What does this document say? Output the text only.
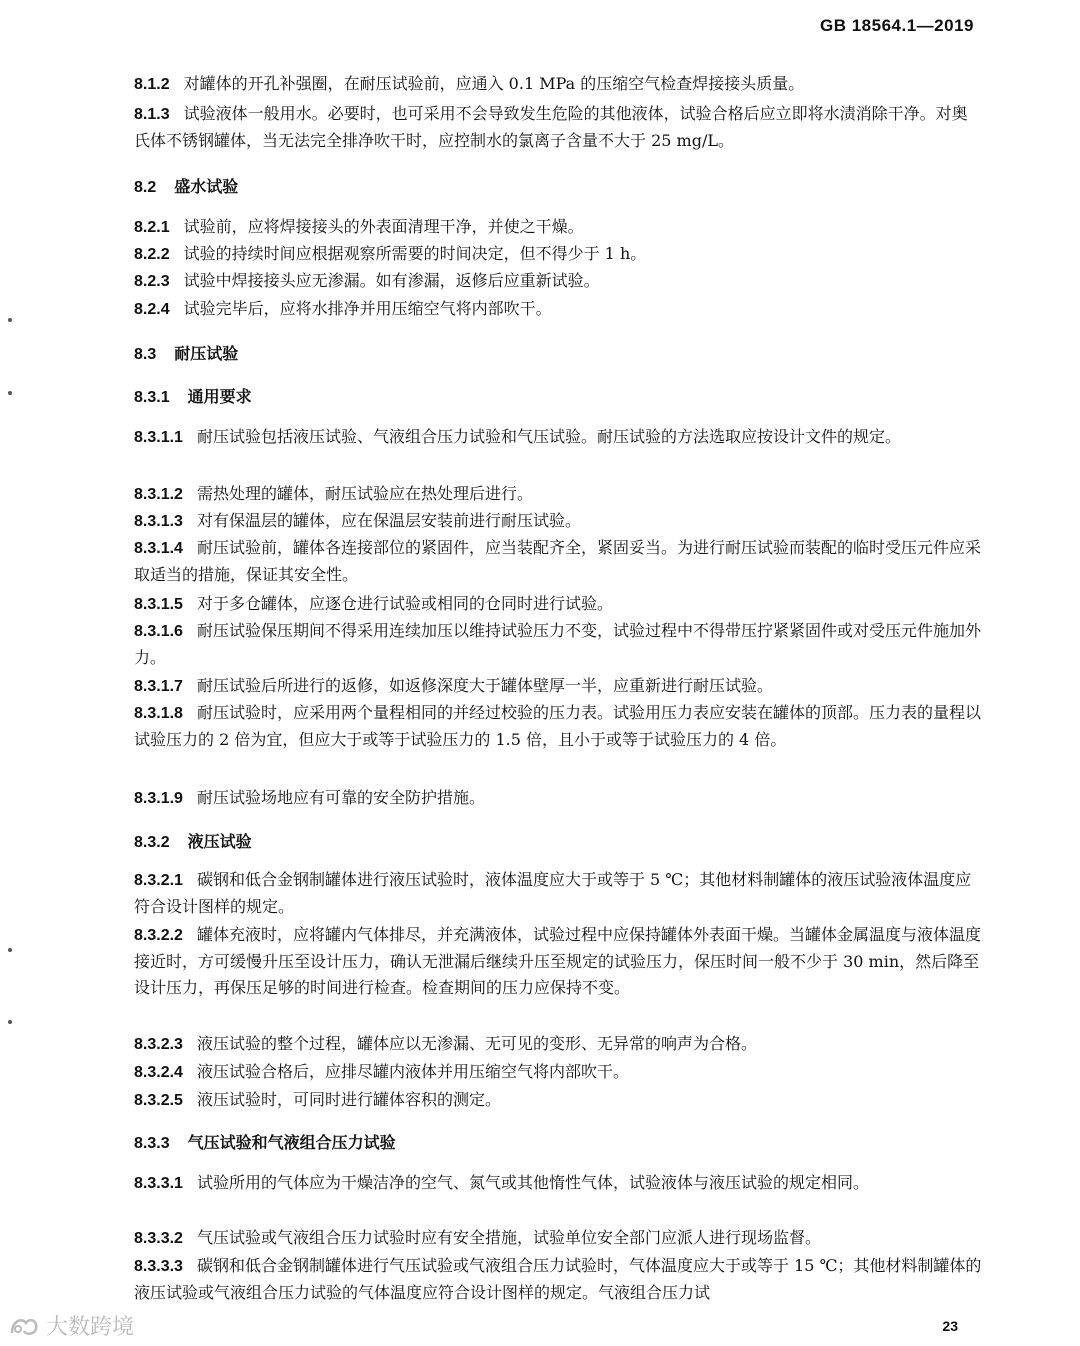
GB 18564.1—2019
8.1.2 对罐体的开孔补强圈，在耐压试验前，应通入 0.1 MPa 的压缩空气检查焊接接头质量。
8.1.3 试验液体一般用水。必要时，也可采用不会导致发生危险的其他液体，试验合格后应立即将水渍消除干净。对奥氏体不锈钢罐体，当无法完全排净吹干时，应控制水的氯离子含量不大于 25 mg/L。
8.2 盛水试验
8.2.1 试验前，应将焊接接头的外表面清理干净，并使之干燥。
8.2.2 试验的持续时间应根据观察所需要的时间决定，但不得少于 1 h。
8.2.3 试验中焊接接头应无渗漏。如有渗漏，返修后应重新试验。
8.2.4 试验完毕后，应将水排净并用压缩空气将内部吹干。
8.3 耐压试验
8.3.1 通用要求
8.3.1.1 耐压试验包括液压试验、气液组合压力试验和气压试验。耐压试验的方法选取应按设计文件的规定。
8.3.1.2 需热处理的罐体，耐压试验应在热处理后进行。
8.3.1.3 对有保温层的罐体，应在保温层安装前进行耐压试验。
8.3.1.4 耐压试验前，罐体各连接部位的紧固件，应当装配齐全，紧固妥当。为进行耐压试验而装配的临时受压元件应采取适当的措施，保证其安全性。
8.3.1.5 对于多仓罐体，应逐仓进行试验或相同的仓同时进行试验。
8.3.1.6 耐压试验保压期间不得采用连续加压以维持试验压力不变，试验过程中不得带压拧紧紧固件或对受压元件施加外力。
8.3.1.7 耐压试验后所进行的返修，如返修深度大于罐体壁厚一半，应重新进行耐压试验。
8.3.1.8 耐压试验时，应采用两个量程相同的并经过校验的压力表。试验用压力表应安装在罐体的顶部。压力表的量程以试验压力的 2 倍为宜，但应大于或等于试验压力的 1.5 倍，且小于或等于试验压力的 4 倍。
8.3.1.9 耐压试验场地应有可靠的安全防护措施。
8.3.2 液压试验
8.3.2.1 碳钢和低合金钢制罐体进行液压试验时，液体温度应大于或等于 5 ℃；其他材料制罐体的液压试验液体温度应符合设计图样的规定。
8.3.2.2 罐体充液时，应将罐内气体排尽，并充满液体，试验过程中应保持罐体外表面干燥。当罐体金属温度与液体温度接近时，方可缓慢升压至设计压力，确认无泄漏后继续升压至规定的试验压力，保压时间一般不少于 30 min，然后降至设计压力，再保压足够的时间进行检查。检查期间的压力应保持不变。
8.3.2.3 液压试验的整个过程，罐体应以无渗漏、无可见的变形、无异常的响声为合格。
8.3.2.4 液压试验合格后，应排尽罐内液体并用压缩空气将内部吹干。
8.3.2.5 液压试验时，可同时进行罐体容积的测定。
8.3.3 气压试验和气液组合压力试验
8.3.3.1 试验所用的气体应为干燥洁净的空气、氮气或其他惰性气体，试验液体与液压试验的规定相同。
8.3.3.2 气压试验或气液组合压力试验时应有安全措施，试验单位安全部门应派人进行现场监督。
8.3.3.3 碳钢和低合金钢制罐体进行气压试验或气液组合压力试验时，气体温度应大于或等于 15 ℃；其他材料制罐体的液压试验或气液组合压力试验的气体温度应符合设计图样的规定。气液组合压力试
大数跨境	23
